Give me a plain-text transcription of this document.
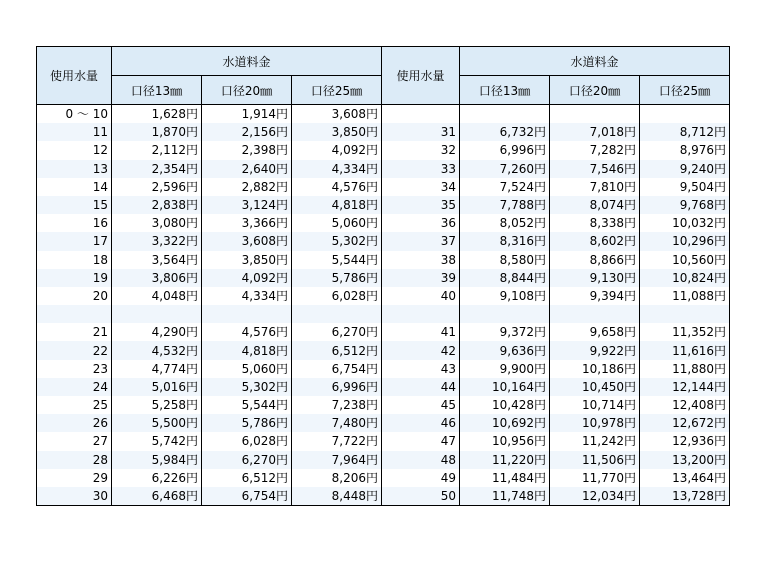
使用水量	水道料金			使用水量	水道料金		
	口径13㎜	口径20㎜	口径25㎜		口径13㎜	口径20㎜	口径25㎜
0 ～ 10	1,628円	1,914円	3,608円				
11	1,870円	2,156円	3,850円	31	6,732円	7,018円	8,712円
12	2,112円	2,398円	4,092円	32	6,996円	7,282円	8,976円
13	2,354円	2,640円	4,334円	33	7,260円	7,546円	9,240円
14	2,596円	2,882円	4,576円	34	7,524円	7,810円	9,504円
15	2,838円	3,124円	4,818円	35	7,788円	8,074円	9,768円
16	3,080円	3,366円	5,060円	36	8,052円	8,338円	10,032円
17	3,322円	3,608円	5,302円	37	8,316円	8,602円	10,296円
18	3,564円	3,850円	5,544円	38	8,580円	8,866円	10,560円
19	3,806円	4,092円	5,786円	39	8,844円	9,130円	10,824円
20	4,048円	4,334円	6,028円	40	9,108円	9,394円	11,088円

21	4,290円	4,576円	6,270円	41	9,372円	9,658円	11,352円
22	4,532円	4,818円	6,512円	42	9,636円	9,922円	11,616円
23	4,774円	5,060円	6,754円	43	9,900円	10,186円	11,880円
24	5,016円	5,302円	6,996円	44	10,164円	10,450円	12,144円
25	5,258円	5,544円	7,238円	45	10,428円	10,714円	12,408円
26	5,500円	5,786円	7,480円	46	10,692円	10,978円	12,672円
27	5,742円	6,028円	7,722円	47	10,956円	11,242円	12,936円
28	5,984円	6,270円	7,964円	48	11,220円	11,506円	13,200円
29	6,226円	6,512円	8,206円	49	11,484円	11,770円	13,464円
30	6,468円	6,754円	8,448円	50	11,748円	12,034円	13,728円
